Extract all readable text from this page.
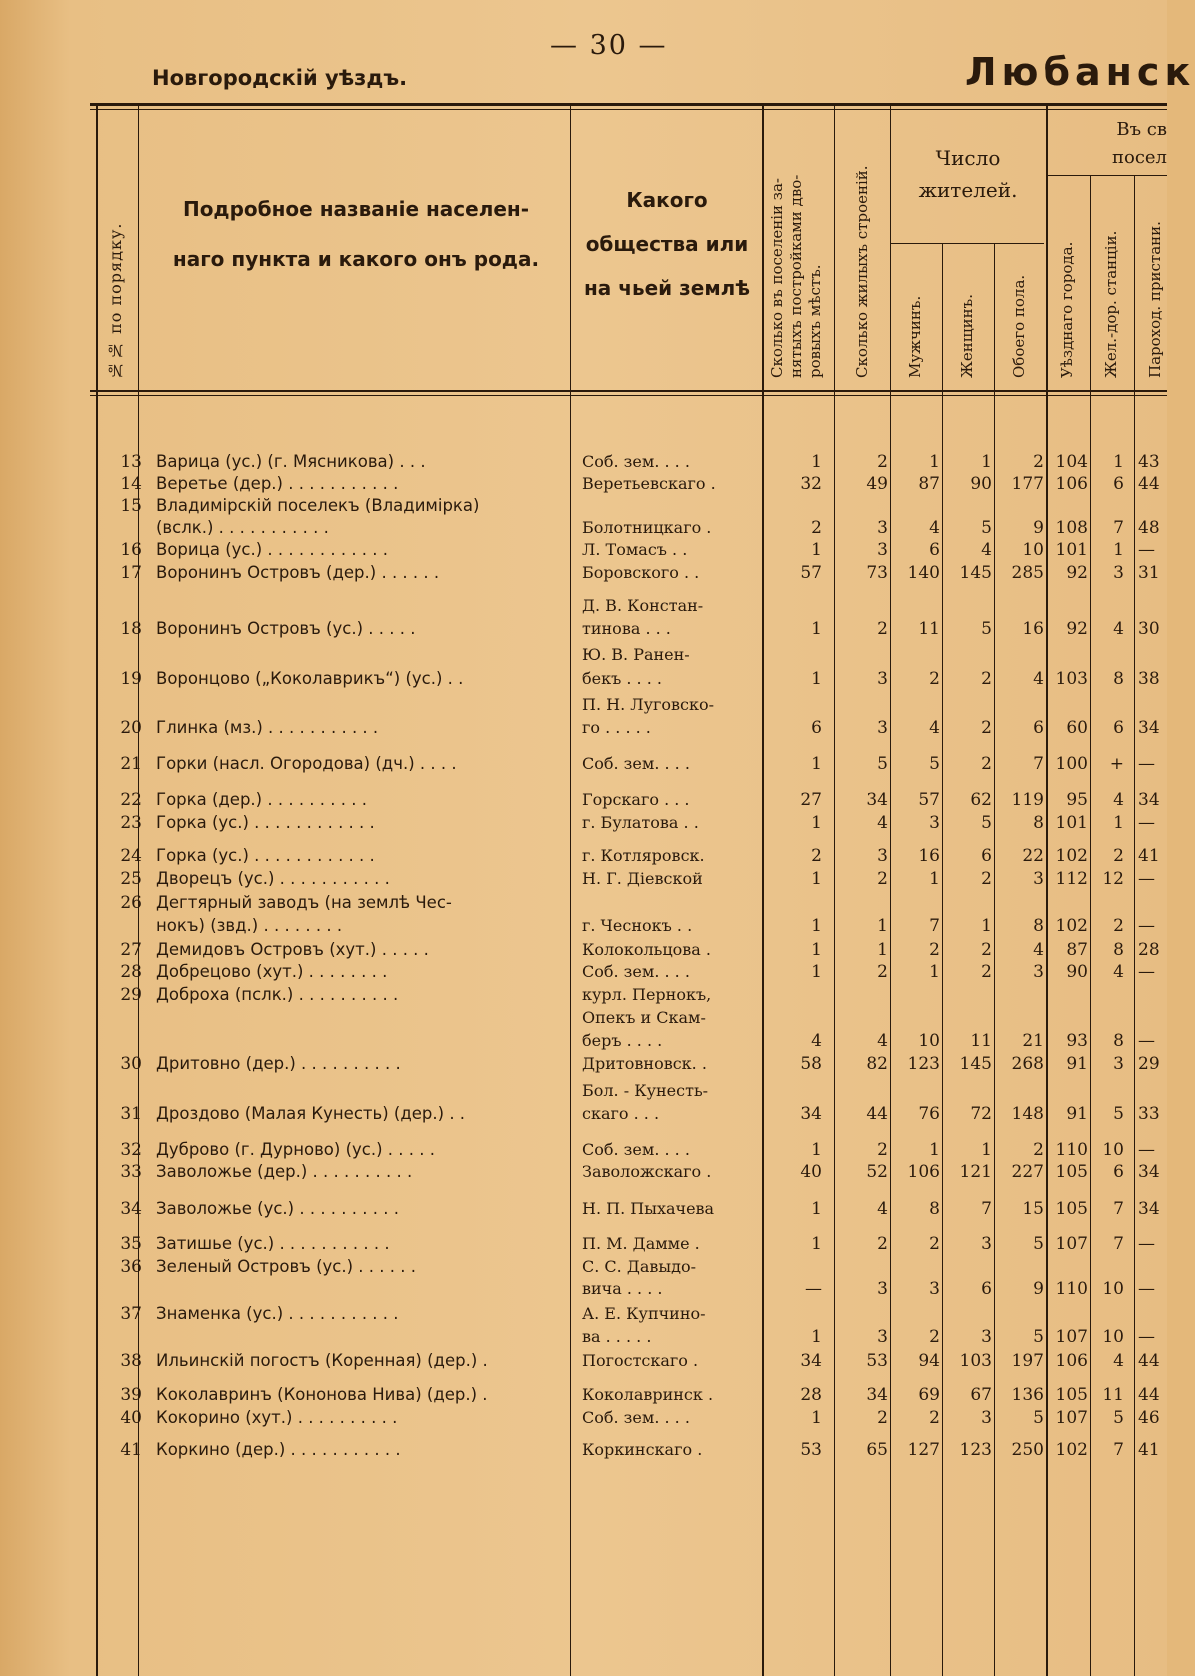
— 30 —
Новгородскій уѣздъ.	Любанск
№№ по порядку.
Подробное названіе населен-
наго пункта и какого онъ рода.
Какого
общества или
на чьей землѣ	Сколько въ поселеніи за- нятыхъ постройками дво- ровыхъ мѣстъ. Сколько жилыхъ строеній.
Число
жителей.
Мужчинъ. Женщинъ. Обоего пола.
Въ св
посел
Уѣзднаго города. Жел.-дор. станціи. Пароход. пристани.
13 Варица (ус.) (г. Мясникова) . . .	Соб. зем. . . .	1	2	1	1	2 104	1 43
14 Веретье (дер.) . . . . . . . . . . .	Веретьевскаго .	32	49	87	90	177 106	6 44
15 Владимірскій поселекъ (Владимірка)
(вслк.) . . . . . . . . . . .	Болотницкаго .	2	3	4	5	9 108	7 48
16 Ворица (ус.) . . . . . . . . . . . .	Л. Томасъ . .	1	3	6	4	10 101	1 —
17 Воронинъ Островъ (дер.) . . . . . .	Боровского . .	57	73	140	145	285	92	3 31
Д. В. Констан-
18 Воронинъ Островъ (ус.) . . . . .	тинова . . .	1	2	11	5	16	92	4 30
Ю. В. Ранен-
19 Воронцово („Коколаврикъ“) (ус.) . .	бекъ . . . .	1	3	2	2	4 103	8 38
П. Н. Луговско-
20 Глинка (мз.) . . . . . . . . . . .	го . . . . .	6	3	4	2	6	60	6 34
21 Горки (насл. Огородова) (дч.) . . . .	Соб. зем. . . .	1	5	5	2	7 100	+ —
22 Горка (дер.) . . . . . . . . . .	Горскаго . . .	27	34	57	62	119	95	4 34
23 Горка (ус.) . . . . . . . . . . . .	г. Булатова . .	1	4	3	5	8 101	1 —
24 Горка (ус.) . . . . . . . . . . . .	г. Котляровск.	2	3	16	6	22 102	2 41
25 Дворецъ (ус.) . . . . . . . . . . .	Н. Г. Діевской	1	2	1	2	3 112 12 —
26 Дегтярный заводъ (на землѣ Чес-
нокъ) (звд.) . . . . . . . .	г. Чеснокъ . .	1	1	7	1	8 102	2 —
27 Демидовъ Островъ (хут.) . . . . .	Колокольцова .	1	1	2	2	4	87	8 28
28 Добрецово (хут.) . . . . . . . .	Соб. зем. . . .	1	2	1	2	3	90	4 —
29 Доброха (пслк.) . . . . . . . . . .	курл. Пернокъ,
Опекъ и Скам-
беръ . . . .	4	4	10	11	21	93	8 —
30 Дритовно (дер.) . . . . . . . . . .	Дритовновск. .	58	82	123	145	268	91	3 29
Бол. - Кунесть-
31 Дроздово (Малая Кунесть) (дер.) . .	скаго . . .	34	44	76	72	148	91	5 33
32 Дуброво (г. Дурново) (ус.) . . . . .	Соб. зем. . . .	1	2	1	1	2 110 10 —
33 Заволожье (дер.) . . . . . . . . . .	Заволожскаго .	40	52	106	121	227 105	6 34
34 Заволожье (ус.) . . . . . . . . . .	Н. П. Пыхачева	1	4	8	7	15 105	7 34
35 Затишье (ус.) . . . . . . . . . . .	П. М. Даммe .	1	2	2	3	5 107	7 —
36 Зеленый Островъ (ус.) . . . . . .	С. С. Давыдо-
вича . . . .	—	3	3	6	9 110 10 —
37 Знаменка (ус.) . . . . . . . . . . .	А. Е. Купчино-
ва . . . . .	1	3	2	3	5 107 10 —
38 Ильинскій погостъ (Коренная) (дер.) .	Погостскаго .	34	53	94	103	197 106	4 44
39 Коколавринъ (Кононова Нива) (дер.) .	Коколавринск .	28	34	69	67	136 105 11 44
40 Кокорино (хут.) . . . . . . . . . .	Соб. зем. . . .	1	2	2	3	5 107	5 46
41 Коркино (дер.) . . . . . . . . . . .	Коркинскаго .	53	65	127	123	250 102	7 41
